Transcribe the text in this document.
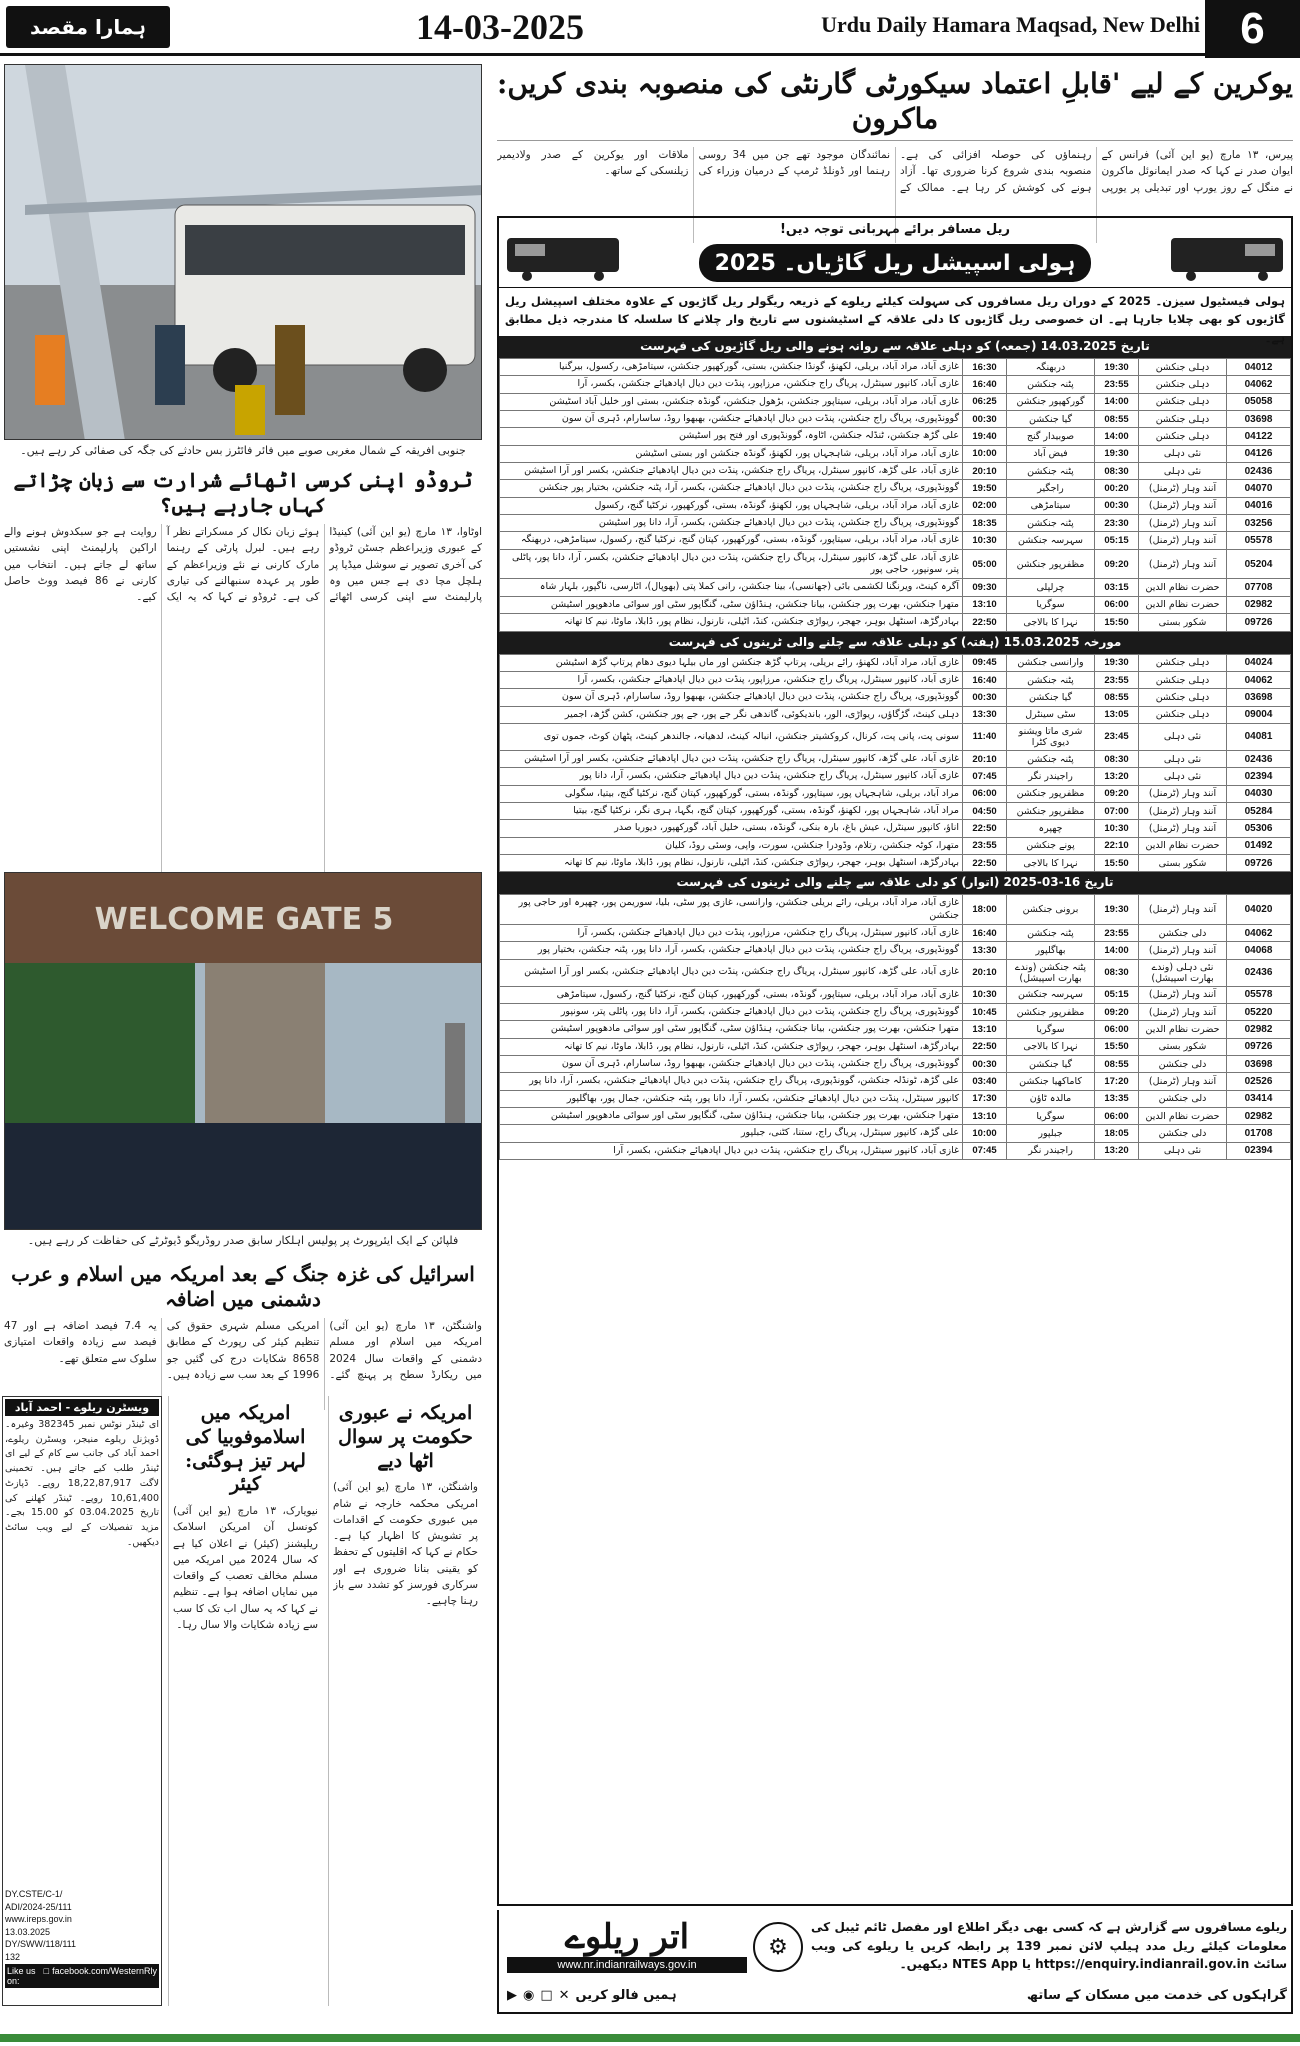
ہمارا مقصد	14-03-2025	Urdu Daily Hamara Maqsad, New Delhi 6
یوکرین کے لیے 'قابلِ اعتماد سیکورٹی گارنٹی کی منصوبہ بندی کریں: ماکرون
پیرس، ۱۳ مارچ (یو این آئی) فرانس کے ایوان صدر نے کہا کہ صدر ایمانوئل ماکرون نے منگل کے روز یورپ اور تبدیلی پر یورپی رہنماؤں کی حوصلہ افزائی کی ہے۔ منصوبہ بندی شروع کرنا ضروری تھا۔ آزاد ہونے کی کوشش کر رہا ہے۔ ممالک کے نمائندگان موجود تھے جن میں 34 روسی رہنما اور ڈونلڈ ٹرمپ کے درمیان وزراء کی ملاقات اور یوکرین کے صدر ولادیمیر زیلنسکی کے ساتھ۔
جنوبی افریقہ کے شمال مغربی صوبے میں فائر فائٹرز بس حادثے کی جگہ کی صفائی کر رہے ہیں۔
ٹروڈو اپنی کرسی اٹھائے شرارت سے زبان چڑاتے کہاں جارہے ہیں؟
اوٹاوا، ۱۳ مارچ (یو این آئی) کینیڈا کے عبوری وزیراعظم جسٹن ٹروڈو کی آخری تصویر نے سوشل میڈیا پر ہلچل مچا دی ہے جس میں وہ پارلیمنٹ سے اپنی کرسی اٹھائے ہوئے زبان نکال کر مسکراتے نظر آ رہے ہیں۔ لبرل پارٹی کے رہنما مارک کارنی نے نئے وزیراعظم کے طور پر عہدہ سنبھالنے کی تیاری کی ہے۔ ٹروڈو نے کہا کہ یہ ایک روایت ہے جو سبکدوش ہونے والے اراکین پارلیمنٹ اپنی نشستیں ساتھ لے جاتے ہیں۔ انتخاب میں کارنی نے 86 فیصد ووٹ حاصل کیے۔
WELCOME GATE 5
فلپائن کے ایک ایئرپورٹ پر پولیس اہلکار سابق صدر روڈریگو ڈیوٹرٹے کی حفاظت کر رہے ہیں۔
اسرائیل کی غزہ جنگ کے بعد امریکہ میں اسلام و عرب دشمنی میں اضافہ
واشنگٹن، ۱۳ مارچ (یو این آئی) امریکہ میں اسلام اور مسلم دشمنی کے واقعات سال 2024 میں ریکارڈ سطح پر پہنچ گئے۔ امریکی مسلم شہری حقوق کی تنظیم کیئر کی رپورٹ کے مطابق 8658 شکایات درج کی گئیں جو 1996 کے بعد سب سے زیادہ ہیں۔ یہ 7.4 فیصد اضافہ ہے اور 47 فیصد سے زیادہ واقعات امتیازی سلوک سے متعلق تھے۔
ویسٹرن ریلوے - احمد آباد
ای ٹینڈر نوٹس نمبر 382345 وغیرہ۔ ڈویژنل ریلوے منیجر، ویسٹرن ریلوے، احمد آباد کی جانب سے کام کے لیے ای ٹینڈر طلب کیے جاتے ہیں۔ تخمینی لاگت 18,22,87,917 روپے۔ ڈپازٹ 10,61,400 روپے۔ ٹینڈر کھلنے کی تاریخ 03.04.2025 کو 15.00 بجے۔ مزید تفصیلات کے لیے ویب سائٹ دیکھیں۔
DY.CSTE/C-1/
ADI/2024-25/111
www.ireps.gov.in
13.03.2025
DY/SWW/118/111
132
Like us on:
□ facebook.com/WesternRly
امریکہ میں اسلاموفوبیا کی لہر تیز ہوگئی: کیئر
نیویارک، ۱۳ مارچ (یو این آئی) کونسل آن امریکن اسلامک ریلیشنز (کیئر) نے اعلان کیا ہے کہ سال 2024 میں امریکہ میں مسلم مخالف تعصب کے واقعات میں نمایاں اضافہ ہوا ہے۔ تنظیم نے کہا کہ یہ سال اب تک کا سب سے زیادہ شکایات والا سال رہا۔
امریکہ نے عبوری حکومت پر سوال اٹھا دیے
واشنگٹن، ۱۳ مارچ (یو این آئی) امریکی محکمہ خارجہ نے شام میں عبوری حکومت کے اقدامات پر تشویش کا اظہار کیا ہے۔ حکام نے کہا کہ اقلیتوں کے تحفظ کو یقینی بنانا ضروری ہے اور سرکاری فورسز کو تشدد سے باز رہنا چاہیے۔
ریل مسافر برائے مہربانی توجہ دیں!
ہولی اسپیشل ریل گاڑیاں۔ 2025
ہولی فیسٹیول سیزن۔ 2025 کے دوران ریل مسافروں کی سہولت کیلئے ریلوے کے ذریعہ ریگولر ریل گاڑیوں کے علاوہ مختلف اسپیشل ریل گاڑیوں کو بھی چلایا جارہا ہے۔ ان خصوصی ریل گاڑیوں کا دلی علاقہ کے اسٹیشنوں سے تاریخ وار چلانے کا سلسلہ کا مندرجہ ذیل مطابق ہے۔
تاریخ 14.03.2025 (جمعہ) کو دہلی علاقہ سے روانہ ہونے والی ریل گاڑیوں کی فہرست
غازی آباد، مراد آباد، بریلی، لکھنؤ، گونڈا جنکشن، بستی، گورکھپور جنکشن، سیتامڑھی، رکسول، بیرگنیا	16:30	دربھنگہ	19:30	دہلی جنکشن	04012
غازی آباد، کانپور سینٹرل، پریاگ راج جنکشن، مرزاپور، پنڈت دین دیال اپادھیائے جنکشن، بکسر، آرا	16:40	پٹنہ جنکشن	23:55	دہلی جنکشن	04062
غازی آباد، مراد آباد، بریلی، سیتاپور جنکشن، بڑھول جنکشن، گونڈہ جنکشن، بستی اور خلیل آباد اسٹیشن	06:25	گورکھپور جنکشن	14:00	دہلی جنکشن	05058
گوونڈپوری، پریاگ راج جنکشن، پنڈت دین دیال اپادھیائے جنکشن، بھبھوا روڈ، ساسارام، ڈہری آن سون	00:30	گیا جنکشن	08:55	دہلی جنکشن	03698
علی گڑھ جنکشن، ٹنڈلہ جنکشن، اٹاوہ، گوونڈپوری اور فتح پور اسٹیشن	19:40	صوبیدار گنج	14:00	دہلی جنکشن	04122
غازی آباد، مراد آباد، بریلی، شاہجہاں پور، لکھنؤ، گونڈہ جنکشن اور بستی اسٹیشن	10:00	فیض آباد	19:30	نئی دہلی	04126
غازی آباد، علی گڑھ، کانپور سینٹرل، پریاگ راج جنکشن، پنڈت دین دیال اپادھیائے جنکشن، بکسر اور آرا اسٹیشن	20:10	پٹنہ جنکشن	08:30	نئی دہلی	02436
گوونڈپوری، پریاگ راج جنکشن، پنڈت دین دیال اپادھیائے جنکشن، بکسر، آرا، پٹنہ جنکشن، بختیار پور جنکشن	19:50	راجگیر	00:20	آنند وہار (ٹرمنل)	04070
غازی آباد، مراد آباد، بریلی، شاہجہاں پور، لکھنؤ، گونڈہ، بستی، گورکھپور، نرکٹیا گنج، رکسول	02:00	سیتامڑھی	00:30	آنند وہار (ٹرمنل)	04016
گوونڈپوری، پریاگ راج جنکشن، پنڈت دین دیال اپادھیائے جنکشن، بکسر، آرا، دانا پور اسٹیشن	18:35	پٹنہ جنکشن	23:30	آنند وہار (ٹرمنل)	03256
غازی آباد، مراد آباد، بریلی، سیتاپور، گونڈہ، بستی، گورکھپور، کپتان گنج، نرکٹیا گنج، رکسول، سیتامڑھی، دربھنگہ	10:30	سہرسہ جنکشن	05:15	آنند وہار (ٹرمنل)	05578
غازی آباد، علی گڑھ، کانپور سینٹرل، پریاگ راج جنکشن، پنڈت دین دیال اپادھیائے جنکشن، بکسر، آرا، دانا پور، پاٹلی پتر، سونپور، حاجی پور	05:00	مظفرپور جنکشن	09:20	آنند وہار (ٹرمنل)	05204
آگرہ کینٹ، ویرنگنا لکشمی بائی (جھانسی)، بینا جنکشن، رانی کملا پتی (بھوپال)، اٹارسی، ناگپور، بلہار شاہ	09:30	چرلپلی	03:15	حضرت نظام الدین	07708
متھرا جنکشن، بھرت پور جنکشن، بیانا جنکشن، ہنڈاؤن سٹی، گنگاپور سٹی اور سوائی مادھوپور اسٹیشن	13:10	سوگریا	06:00	حضرت نظام الدین	02982
بہادرگڑھ، اسنٹھل بوہر، جھجر، ریواڑی جنکشن، کنڈ، اٹیلی، نارنول، نظام پور، ڈابلا، ماوٹا، نیم کا تھانہ	22:50	نہرا کا بالاجی	15:50	شکور بستی	09726
مورخہ 15.03.2025 (ہفتہ) کو دہلی علاقہ سے چلنے والی ٹرینوں کی فہرست
غازی آباد، مراد آباد، لکھنؤ، رائے بریلی، پرتاپ گڑھ جنکشن اور ماں بیلہا دیوی دھام پرتاپ گڑھ اسٹیشن	09:45	وارانسی جنکشن	19:30	دہلی جنکشن	04024
غازی آباد، کانپور سینٹرل، پریاگ راج جنکشن، مرزاپور، پنڈت دین دیال اپادھیائے جنکشن، بکسر، آرا	16:40	پٹنہ جنکشن	23:55	دہلی جنکشن	04062
گوونڈپوری، پریاگ راج جنکشن، پنڈت دین دیال اپادھیائے جنکشن، بھبھوا روڈ، ساسارام، ڈہری آن سون	00:30	گیا جنکشن	08:55	دہلی جنکشن	03698
دہلی کینٹ، گڑگاؤں، ریواڑی، الور، باندیکوئی، گاندھی نگر جے پور، جے پور جنکشن، کشن گڑھ، اجمیر	13:30	سٹی سینٹرل	13:05	دہلی جنکشن	09004
سونی پت، پانی پت، کرنال، کروکشیتر جنکشن، انبالہ کینٹ، لدھیانہ، جالندھر کینٹ، پٹھان کوٹ، جموں توی	11:40	شری ماتا ویشنو دیوی کٹرا	23:45	نئی دہلی	04081
غازی آباد، علی گڑھ، کانپور سینٹرل، پریاگ راج جنکشن، پنڈت دین دیال اپادھیائے جنکشن، بکسر اور آرا اسٹیشن	20:10	پٹنہ جنکشن	08:30	نئی دہلی	02436
غازی آباد، کانپور سینٹرل، پریاگ راج جنکشن، پنڈت دین دیال اپادھیائے جنکشن، بکسر، آرا، دانا پور	07:45	راجیندر نگر	13:20	نئی دہلی	02394
مراد آباد، بریلی، شاہجہاں پور، سیتاپور، گونڈہ، بستی، گورکھپور، کپتان گنج، نرکٹیا گنج، بیتیا، سگولی	06:00	مظفرپور جنکشن	09:20	آنند وہار (ٹرمنل)	04030
مراد آباد، شاہجہاں پور، لکھنؤ، گونڈہ، بستی، گورکھپور، کپتان گنج، بگہا، ہری نگر، نرکٹیا گنج، بیتیا	04:50	مظفرپور جنکشن	07:00	آنند وہار (ٹرمنل)	05284
اناؤ، کانپور سینٹرل، عیش باغ، بارہ بنکی، گونڈہ، بستی، خلیل آباد، گورکھپور، دیوریا صدر	22:50	چھپرہ	10:30	آنند وہار (ٹرمنل)	05306
متھرا، کوٹہ جنکشن، رتلام، وڈودرا جنکشن، سورت، واپی، وسئی روڈ، کلیان	23:55	پونے جنکشن	22:10	حضرت نظام الدین	01492
بہادرگڑھ، اسنٹھل بوہر، جھجر، ریواڑی جنکشن، کنڈ، اٹیلی، نارنول، نظام پور، ڈابلا، ماوٹا، نیم کا تھانہ	22:50	نہرا کا بالاجی	15:50	شکور بستی	09726
تاریخ 16-03-2025 (اتوار) کو دلی علاقہ سے چلنے والی ٹرینوں کی فہرست
غازی آباد، مراد آباد، بریلی، رائے بریلی جنکشن، وارانسی، غازی پور سٹی، بلیا، سوریمن پور، چھپرہ اور حاجی پور جنکشن	18:00	برونی جنکشن	19:30	آنند وہار (ٹرمنل)	04020
غازی آباد، کانپور سینٹرل، پریاگ راج جنکشن، مرزاپور، پنڈت دین دیال اپادھیائے جنکشن، بکسر، آرا	16:40	پٹنہ جنکشن	23:55	دلی جنکشن	04062
گوونڈپوری، پریاگ راج جنکشن، پنڈت دین دیال اپادھیائے جنکشن، بکسر، آرا، دانا پور، پٹنہ جنکشن، بختیار پور	13:30	بھاگلپور	14:00	آنند وہار (ٹرمنل)	04068
غازی آباد، علی گڑھ، کانپور سینٹرل، پریاگ راج جنکشن، پنڈت دین دیال اپادھیائے جنکشن، بکسر اور آرا اسٹیشن	20:10	پٹنہ جنکشن (وندے بھارت اسپیشل)	08:30	نئی دہلی (وندے بھارت اسپیشل)	02436
غازی آباد، مراد آباد، بریلی، سیتاپور، گونڈہ، بستی، گورکھپور، کپتان گنج، نرکٹیا گنج، رکسول، سیتامڑھی	10:30	سہرسہ جنکشن	05:15	آنند وہار (ٹرمنل)	05578
گوونڈپوری، پریاگ راج جنکشن، پنڈت دین دیال اپادھیائے جنکشن، بکسر، آرا، دانا پور، پاٹلی پتر، سونپور	10:45	مظفرپور جنکشن	09:20	آنند وہار (ٹرمنل)	05220
متھرا جنکشن، بھرت پور جنکشن، بیانا جنکشن، ہنڈاؤن سٹی، گنگاپور سٹی اور سوائی مادھوپور اسٹیشن	13:10	سوگریا	06:00	حضرت نظام الدین	02982
بہادرگڑھ، اسنٹھل بوہر، جھجر، ریواڑی جنکشن، کنڈ، اٹیلی، نارنول، نظام پور، ڈابلا، ماوٹا، نیم کا تھانہ	22:50	نہرا کا بالاجی	15:50	شکور بستی	09726
گوونڈپوری، پریاگ راج جنکشن، پنڈت دین دیال اپادھیائے جنکشن، بھبھوا روڈ، ساسارام، ڈہری آن سون	00:30	گیا جنکشن	08:55	دلی جنکشن	03698
علی گڑھ، ٹونڈلہ جنکشن، گوونڈپوری، پریاگ راج جنکشن، پنڈت دین دیال اپادھیائے جنکشن، بکسر، آرا، دانا پور	03:40	کاماکھیا جنکشن	17:20	آنند وہار (ٹرمنل)	02526
کانپور سینٹرل، پنڈت دین دیال اپادھیائے جنکشن، بکسر، آرا، دانا پور، پٹنہ جنکشن، جمال پور، بھاگلپور	17:30	مالدہ ٹاؤن	13:35	دلی جنکشن	03414
متھرا جنکشن، بھرت پور جنکشن، بیانا جنکشن، ہنڈاؤن سٹی، گنگاپور سٹی اور سوائی مادھوپور اسٹیشن	13:10	سوگریا	06:00	حضرت نظام الدین	02982
علی گڑھ، کانپور سینٹرل، پریاگ راج، ستنا، کٹنی، جبلپور	10:00	جبلپور	18:05	دلی جنکشن	01708
غازی آباد، کانپور سینٹرل، پریاگ راج جنکشن، پنڈت دین دیال اپادھیائے جنکشن، بکسر، آرا	07:45	راجیندر نگر	13:20	نئی دہلی	02394
اتر ریلوے
www.nr.indianrailways.gov.in
⚙
ریلوے مسافروں سے گزارش ہے کہ کسی بھی دیگر اطلاع اور مفصل ٹائم ٹیبل کی معلومات کیلئے ریل مدد ہیلپ لائن نمبر 139 پر رابطہ کریں یا ریلوے کی ویب سائٹ https://enquiry.indianrail.gov.in یا NTES App دیکھیں۔
گراہکوں کی خدمت میں مسکان کے ساتھ
ہمیں فالو کریں
✕
□
◉
▶
